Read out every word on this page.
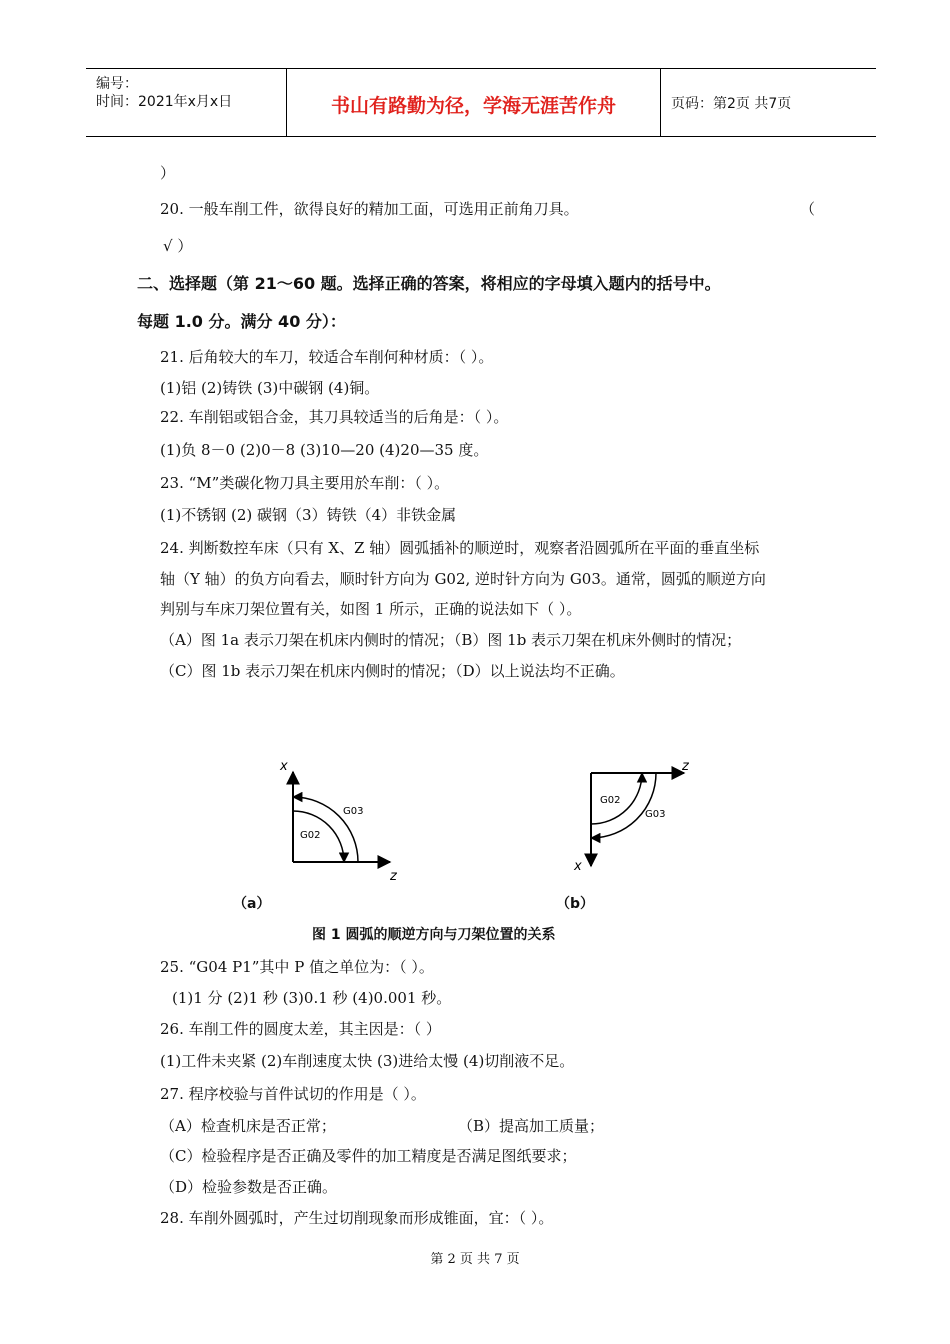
编号：
时间：2021年x月x日	书山有路勤为径，学海无涯苦作舟	页码：第2页 共7页
）
20. 一般车削工件，欲得良好的精加工面，可选用正前角刀具。	（
√ ）
二、选择题（第 21～60 题。选择正确的答案，将相应的字母填入题内的括号中。
每题 1.0 分。满分 40 分）：
21. 后角较大的车刀，较适合车削何种材质：（ ）。
(1)铝 (2)铸铁 (3)中碳钢 (4)铜。
22. 车削铝或铝合金，其刀具较适当的后角是：（ ）。
(1)负 8－0 (2)0－8 (3)10—20 (4)20—35 度。
23. “M”类碳化物刀具主要用於车削：（ ）。
(1)不锈钢 (2) 碳钢（3）铸铁（4）非铁金属
24. 判断数控车床（只有 X、Z 轴）圆弧插补的顺逆时，观察者沿圆弧所在平面的垂直坐标
轴（Y 轴）的负方向看去，顺时针方向为 G02, 逆时针方向为 G03。通常，圆弧的顺逆方向
判别与车床刀架位置有关，如图 1 所示，正确的说法如下（ ）。
（A）图 1a 表示刀架在机床内侧时的情况；（B）图 1b 表示刀架在机床外侧时的情况；
（C）图 1b 表示刀架在机床内侧时的情况；（D）以上说法均不正确。
x
z
G03
G02
z
x
G02
G03
（a）	（b）
图 1 圆弧的顺逆方向与刀架位置的关系
25. “G04 P1”其中 P 值之单位为：（ ）。
(1)1 分 (2)1 秒 (3)0.1 秒 (4)0.001 秒。
26. 车削工件的圆度太差，其主因是：（ ）
(1)工件未夹紧 (2)车削速度太快 (3)进给太慢 (4)切削液不足。
27. 程序校验与首件试切的作用是（ ）。
（A）检查机床是否正常；	（B）提高加工质量；
（C）检验程序是否正确及零件的加工精度是否满足图纸要求；
（D）检验参数是否正确。
28. 车削外圆弧时，产生过切削现象而形成锥面，宜：（ ）。
第 2 页 共 7 页
